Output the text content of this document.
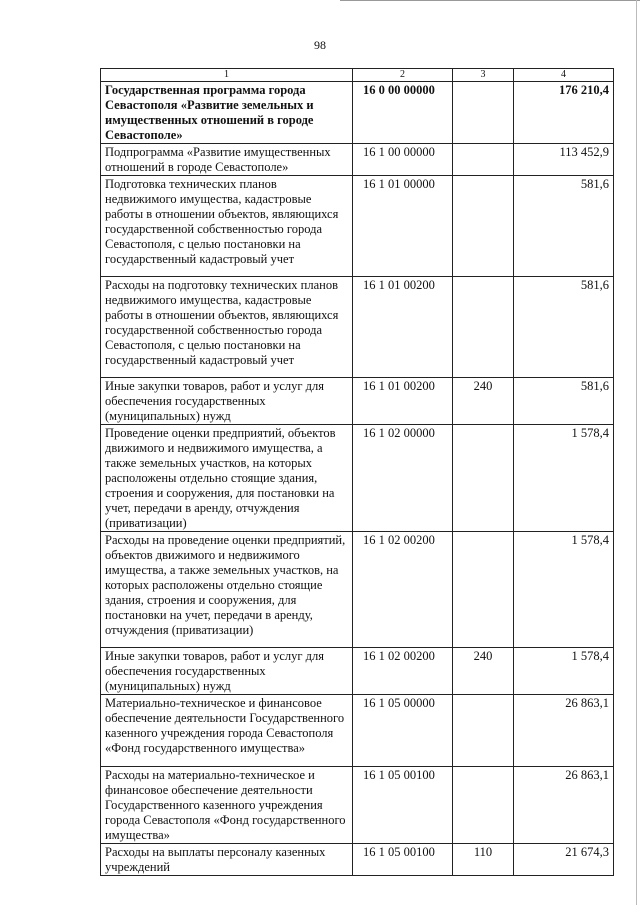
98
1	2	3	4
Государственная программа города Севастополя «Развитие земельных и имущественных отношений в городе Севастополе»	16 0 00 00000		176 210,4
Подпрограмма «Развитие имущественных отношений в городе Севастополе»	16 1 00 00000		113 452,9
Подготовка технических планов недвижимого имущества, кадастровые работы в отношении объектов, являющихся государственной собственностью города Севастополя, с целью постановки на государственный кадастровый учет	16 1 01 00000		581,6
Расходы на подготовку технических планов недвижимого имущества, кадастровые работы в отношении объектов, являющихся государственной собственностью города Севастополя, с целью постановки на государственный кадастровый учет	16 1 01 00200		581,6
Иные закупки товаров, работ и услуг для обеспечения государственных (муниципальных) нужд	16 1 01 00200	240	581,6
Проведение оценки предприятий, объектов движимого и недвижимого имущества, а также земельных участков, на которых расположены отдельно стоящие здания, строения и сооружения, для постановки на учет, передачи в аренду, отчуждения (приватизации)	16 1 02 00000		1 578,4
Расходы на проведение оценки предприятий, объектов движимого и недвижимого имущества, а также земельных участков, на которых расположены отдельно стоящие здания, строения и сооружения, для постановки на учет, передачи в аренду, отчуждения (приватизации)	16 1 02 00200		1 578,4
Иные закупки товаров, работ и услуг для обеспечения государственных (муниципальных) нужд	16 1 02 00200	240	1 578,4
Материально-техническое и финансовое обеспечение деятельности Государственного казенного учреждения города Севастополя «Фонд государственного имущества»	16 1 05 00000		26 863,1
Расходы на материально-техническое и финансовое обеспечение деятельности Государственного казенного учреждения города Севастополя «Фонд государственного имущества»	16 1 05 00100		26 863,1
Расходы на выплаты персоналу казенных учреждений	16 1 05 00100	110	21 674,3
